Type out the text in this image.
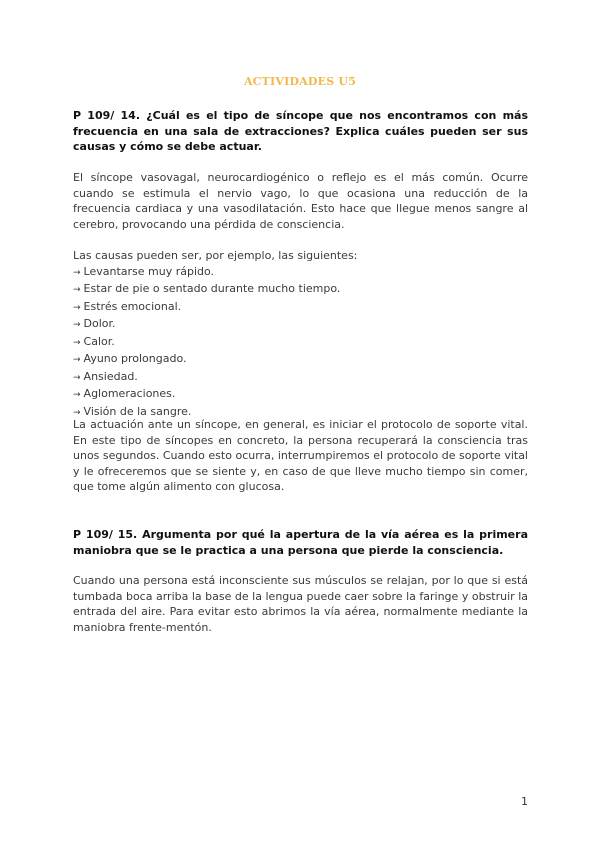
ACTIVIDADES U5
P 109/ 14. ¿Cuál es el tipo de síncope que nos encontramos con más frecuencia en una sala de extracciones? Explica cuáles pueden ser sus causas y cómo se debe actuar.
El síncope vasovagal, neurocardiogénico o reflejo es el más común. Ocurre cuando se estimula el nervio vago, lo que ocasiona una reducción de la frecuencia cardiaca y una vasodilatación. Esto hace que llegue menos sangre al cerebro, provocando una pérdida de consciencia.

Las causas pueden ser, por ejemplo, las siguientes:

→ Levantarse muy rápido.
→ Estar de pie o sentado durante mucho tiempo.
→ Estrés emocional.
→ Dolor.
→ Calor.
→ Ayuno prolongado.
→ Ansiedad.
→ Aglomeraciones.
→ Visión de la sangre.
La actuación ante un síncope, en general, es iniciar el protocolo de soporte vital. En este tipo de síncopes en concreto, la persona recuperará la consciencia tras unos segundos. Cuando esto ocurra, interrumpiremos el protocolo de soporte vital y le ofreceremos que se siente y, en caso de que lleve mucho tiempo sin comer, que tome algún alimento con glucosa.
P 109/ 15. Argumenta por qué la apertura de la vía aérea es la primera maniobra que se le practica a una persona que pierde la consciencia.
Cuando una persona está inconsciente sus músculos se relajan, por lo que si está tumbada boca arriba la base de la lengua puede caer sobre la faringe y obstruir la entrada del aire. Para evitar esto abrimos la vía aérea, normalmente mediante la maniobra frente-mentón.
1
